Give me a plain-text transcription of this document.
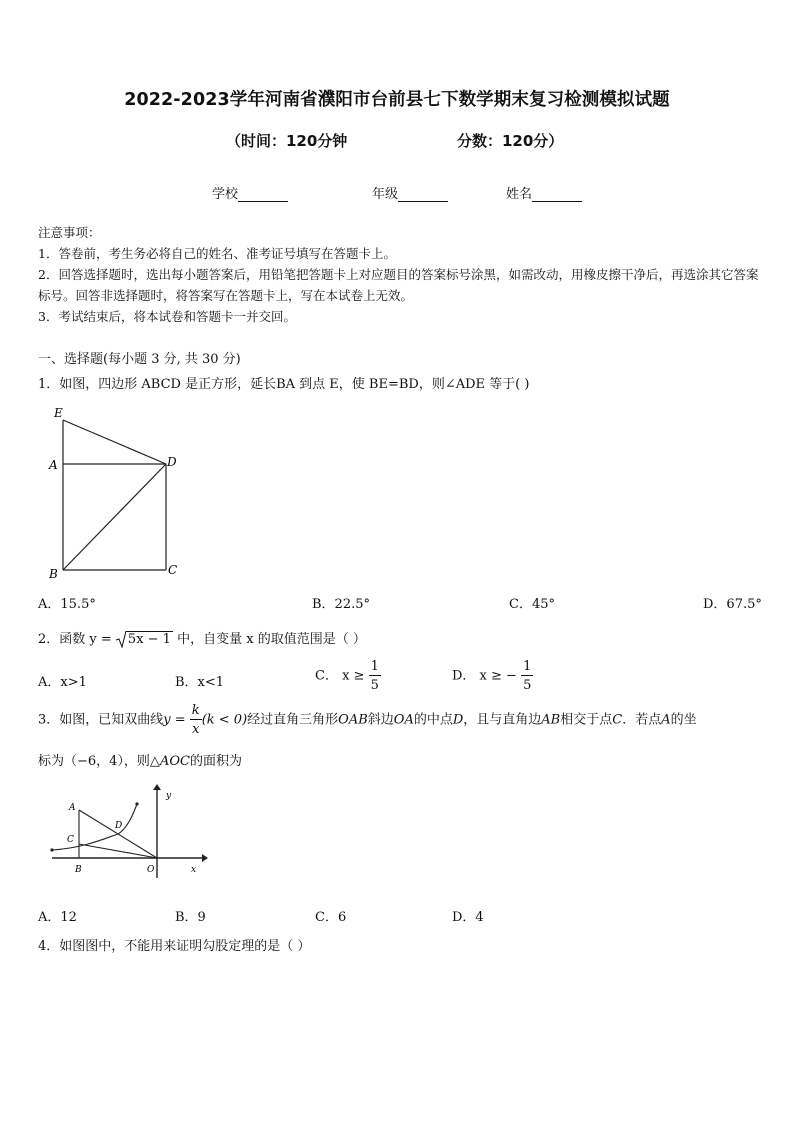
2022-2023学年河南省濮阳市台前县七下数学期末复习检测模拟试题
（时间：120分钟	分数：120分）
学校	年级	姓名

注意事项：

1．答卷前，考生务必将自己的姓名、准考证号填写在答题卡上。

2．回答选择题时，选出每小题答案后，用铅笔把答题卡上对应题目的答案标号涂黑，如需改动，用橡皮擦干净后，再选涂其它答案标号。回答非选择题时，将答案写在答题卡上，写在本试卷上无效。

3．考试结束后，将本试卷和答题卡一并交回。

一、选择题(每小题 3 分, 共 30 分)
1．如图，四边形 ABCD 是正方形，延长BA 到点 E，使 BE=BD，则∠ADE 等于( )
E
A	D
B	C
A．15.5°	B．22.5°	C．45°	D．67.5°
2．函数 y = 5x − 1 中，自变量 x 的取值范围是（ ）
A．x>1	B．x<1	C． $x \ge \frac{1}{5}$	D． x ≥ − $\frac{1}{5}$
3．如图，已知双曲线$y = \frac{k}{x} (k < 0)$经过直角三角形OAB斜边OA的中点D，且与直角边AB相交于点C．若点A的坐
标为（−6，4），则△AOC的面积为
y
A
D
C
B	O	x
A．12	B．9	C．6	D．4
4．如图图中，不能用来证明勾股定理的是（ ）
